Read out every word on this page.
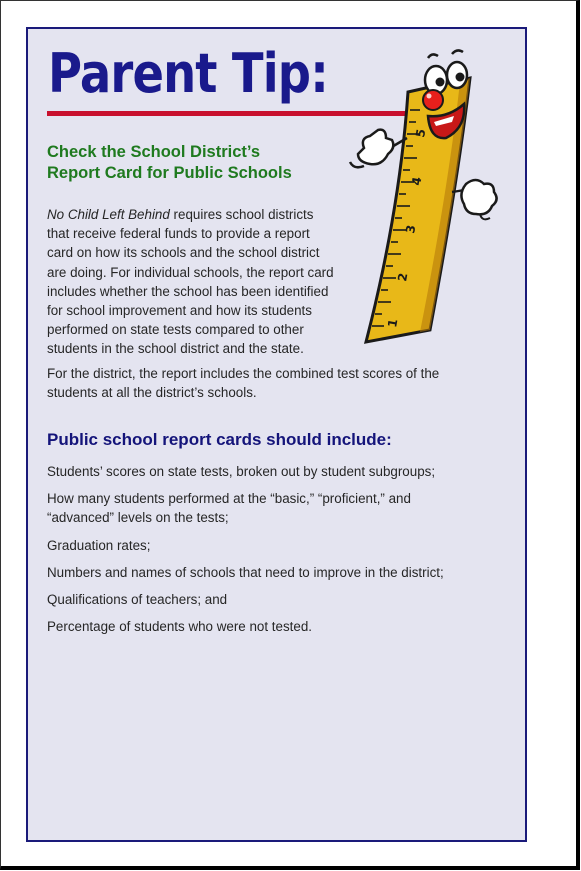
Parent Tip:
5
4
3
2
1
Check the School District’s
Report Card for Public Schools

No Child Left Behind requires school districts that receive federal funds to provide a report card on how its schools and the school district are doing. For individual schools, the report card includes whether the school has been identified for school improvement and how its students performed on state tests compared to other students in the school district and the state.

For the district, the report includes the combined test scores of the students at all the district’s schools.

Public school report cards should include:
Students’ scores on state tests, broken out by student subgroups;
How many students performed at the “basic,” “proficient,” and “advanced” levels on the tests;
Graduation rates;
Numbers and names of schools that need to improve in the district;
Qualifications of teachers; and
Percentage of students who were not tested.
